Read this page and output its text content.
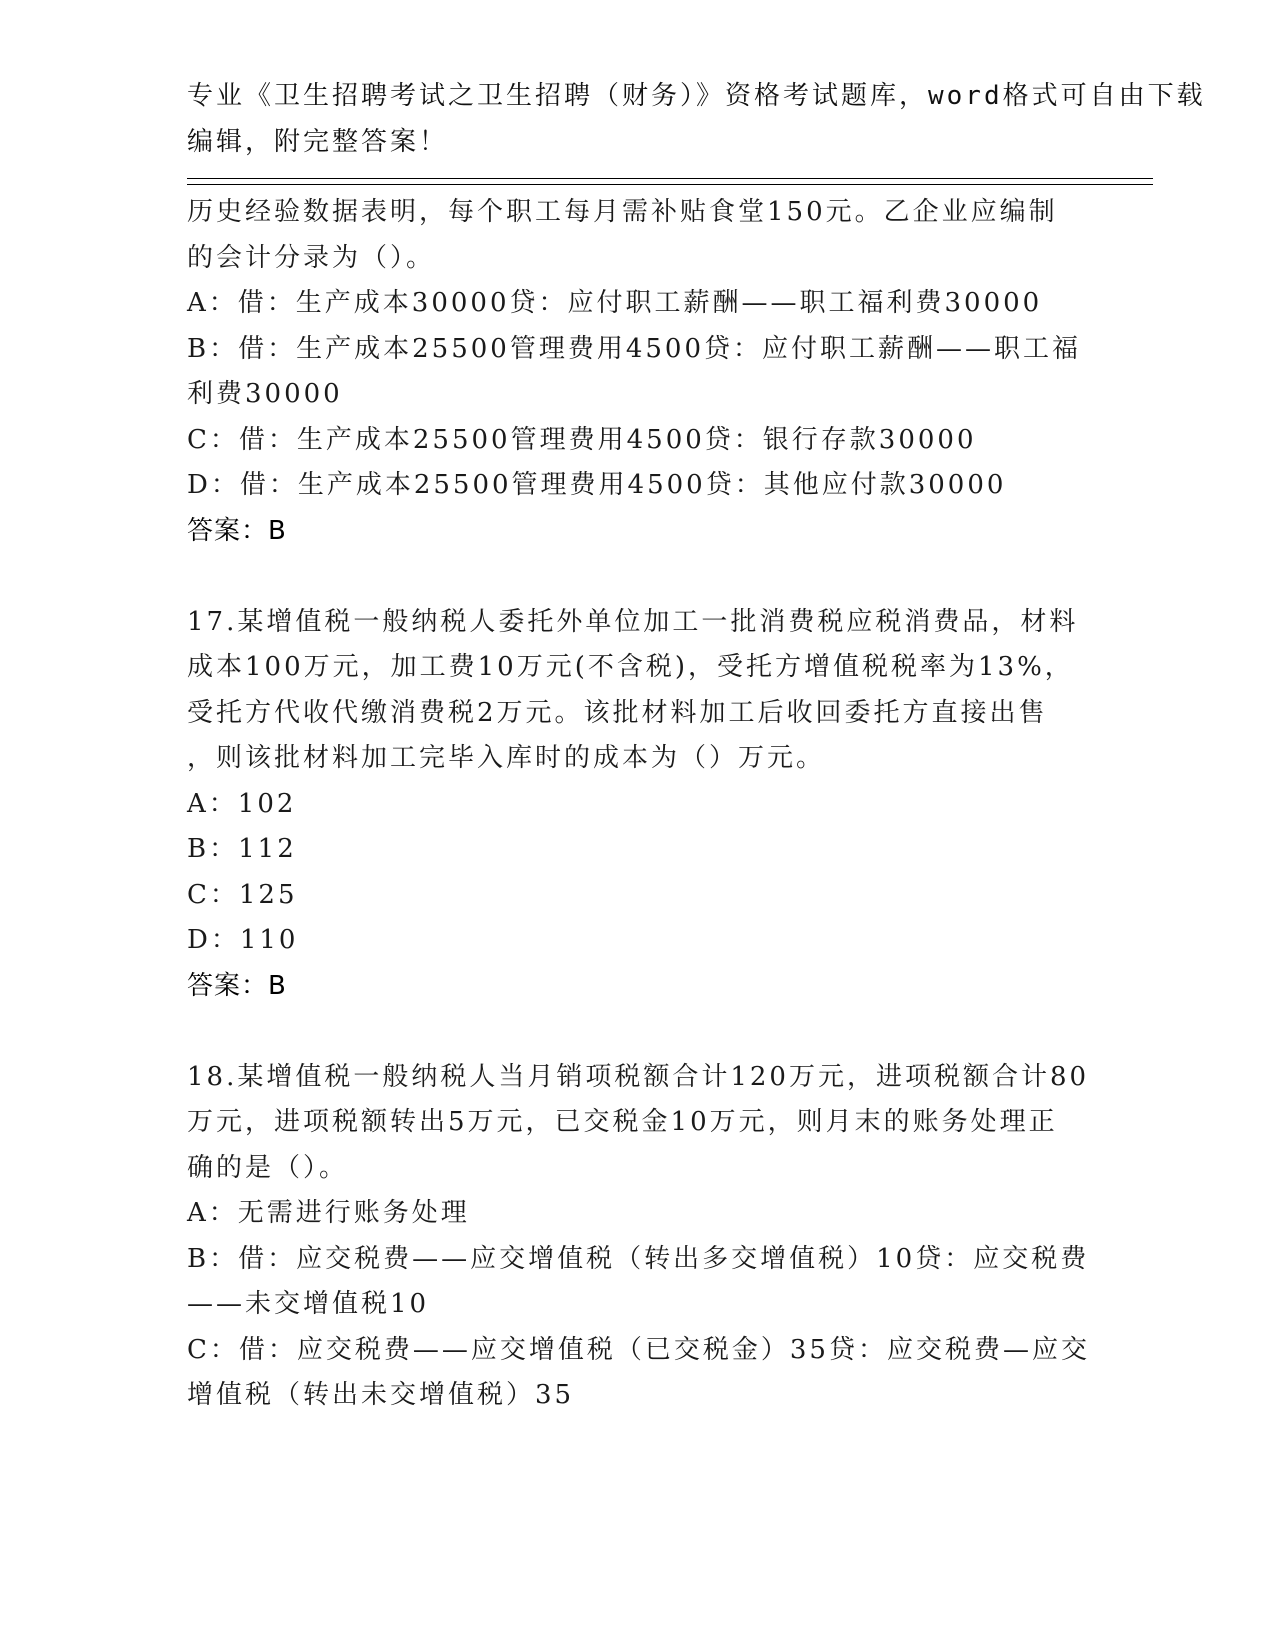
专业《卫生招聘考试之卫生招聘（财务）》资格考试题库，word格式可自由下载
编辑，附完整答案！
历史经验数据表明，每个职工每月需补贴食堂150元。乙企业应编制
的会计分录为（）。
A：借：生产成本30000贷：应付职工薪酬——职工福利费30000
B：借：生产成本25500管理费用4500贷：应付职工薪酬——职工福
利费30000
C：借：生产成本25500管理费用4500贷：银行存款30000
D：借：生产成本25500管理费用4500贷：其他应付款30000
答案：B
17.某增值税一般纳税人委托外单位加工一批消费税应税消费品，材料
成本100万元，加工费10万元(不含税)，受托方增值税税率为13%，
受托方代收代缴消费税2万元。该批材料加工后收回委托方直接出售
，则该批材料加工完毕入库时的成本为（）万元。
A：102
B：112
C：125
D：110
答案：B
18.某增值税一般纳税人当月销项税额合计120万元，进项税额合计80
万元，进项税额转出5万元，已交税金10万元，则月末的账务处理正
确的是（）。
A：无需进行账务处理
B：借：应交税费——应交增值税（转出多交增值税）10贷：应交税费
——未交增值税10
C：借：应交税费——应交增值税（已交税金）35贷：应交税费—应交
增值税（转出未交增值税）35
